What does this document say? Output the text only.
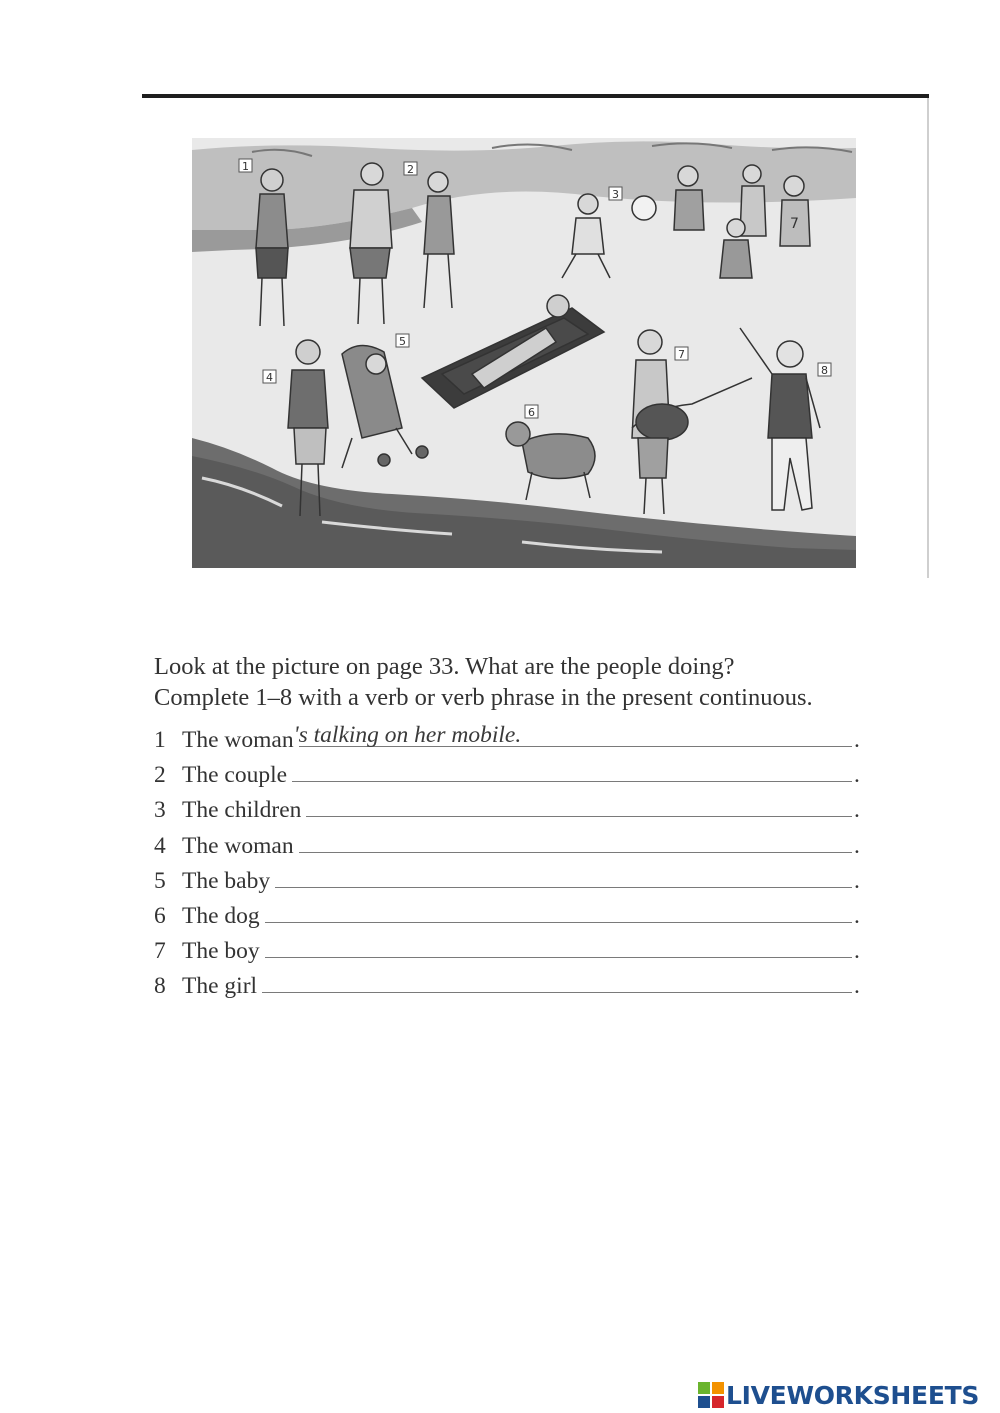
7
1	2
3
4
5
6
7
8

Look at the picture on page 33. What are the people doing?

Complete 1–8 with a verb or verb phrase in the present continuous.

1 The woman 's talking on her mobile.	.
2 The couple	.
3 The children	.
4 The woman	.
5 The baby	.
6 The dog	.
7 The boy	.
8 The girl	.
LIVEWORKSHEETS
